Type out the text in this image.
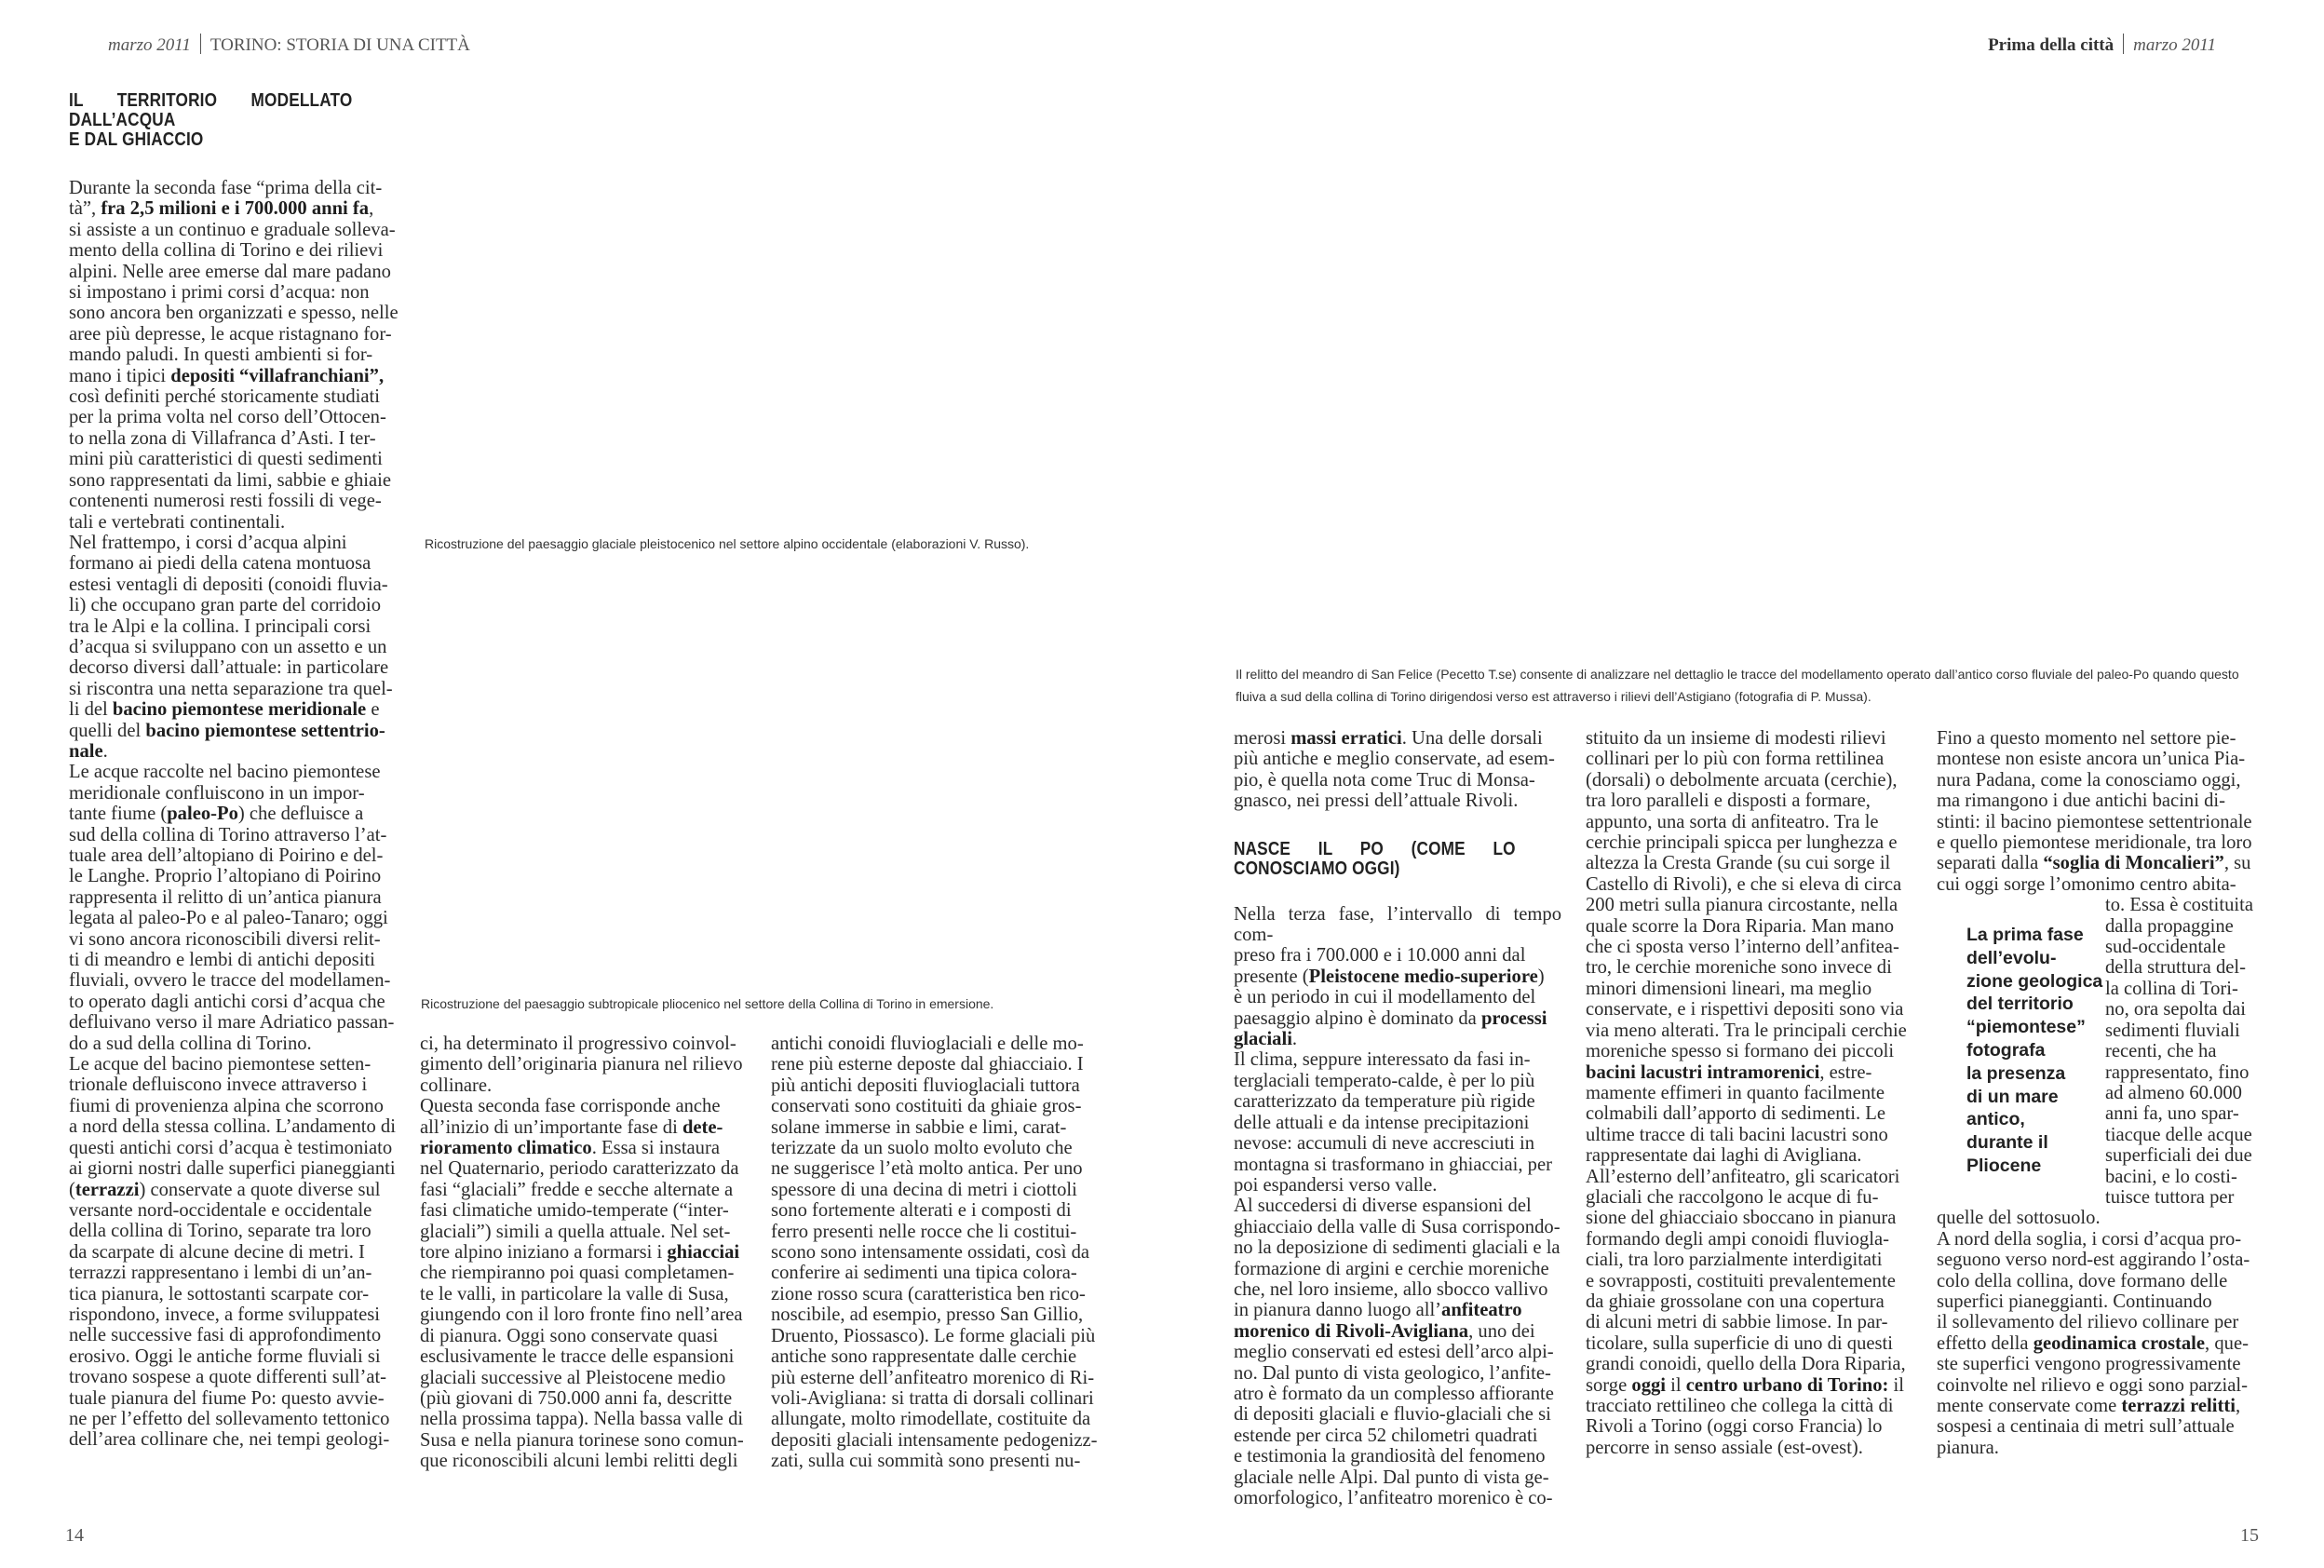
marzo 2011 TORINO: STORIA DI UNA CITTÀ	Prima della città marzo 2011
IL TERRITORIO MODELLATO DALL’ACQUA
E DAL GHIACCIO

Durante la seconda fase “prima della cit-
tà”, fra 2,5 milioni e i 700.000 anni fa,
si assiste a un continuo e graduale solleva-
mento della collina di Torino e dei rilievi
alpini. Nelle aree emerse dal mare padano
si impostano i primi corsi d’acqua: non
sono ancora ben organizzati e spesso, nelle
aree più depresse, le acque ristagnano for-
mando paludi. In questi ambienti si for-
mano i tipici depositi “villafranchiani”,
così definiti perché storicamente studiati
per la prima volta nel corso dell’Ottocen-
to nella zona di Villafranca d’Asti. I ter-
mini più caratteristici di questi sedimenti
sono rappresentati da limi, sabbie e ghiaie
contenenti numerosi resti fossili di vege-
tali e vertebrati continentali.

Nel frattempo, i corsi d’acqua alpini
formano ai piedi della catena montuosa
estesi ventagli di depositi (conoidi fluvia-
li) che occupano gran parte del corridoio
tra le Alpi e la collina. I principali corsi
d’acqua si sviluppano con un assetto e un
decorso diversi dall’attuale: in particolare
si riscontra una netta separazione tra quel-
li del bacino piemontese meridionale e
quelli del bacino piemontese settentrio-
nale.

Le acque raccolte nel bacino piemontese
meridionale confluiscono in un impor-
tante fiume (paleo-Po) che defluisce a
sud della collina di Torino attraverso l’at-
tuale area dell’altopiano di Poirino e del-
le Langhe. Proprio l’altopiano di Poirino
rappresenta il relitto di un’antica pianura
legata al paleo-Po e al paleo-Tanaro; oggi
vi sono ancora riconoscibili diversi relit-
ti di meandro e lembi di antichi depositi
fluviali, ovvero le tracce del modellamen-
to operato dagli antichi corsi d’acqua che
defluivano verso il mare Adriatico passan-
do a sud della collina di Torino.

Le acque del bacino piemontese setten-
trionale defluiscono invece attraverso i
fiumi di provenienza alpina che scorrono
a nord della stessa collina. L’andamento di
questi antichi corsi d’acqua è testimoniato
ai giorni nostri dalle superfici pianeggianti
(terrazzi) conservate a quote diverse sul
versante nord-occidentale e occidentale
della collina di Torino, separate tra loro
da scarpate di alcune decine di metri. I
terrazzi rappresentano i lembi di un’an-
tica pianura, le sottostanti scarpate cor-
rispondono, invece, a forme sviluppatesi
nelle successive fasi di approfondimento
erosivo. Oggi le antiche forme fluviali si
trovano sospese a quote differenti sull’at-
tuale pianura del fiume Po: questo avvie-
ne per l’effetto del sollevamento tettonico
dell’area collinare che, nei tempi geologi-

Ricostruzione del paesaggio glaciale pleistocenico nel settore alpino occidentale (elaborazioni V. Russo).
Ricostruzione del paesaggio subtropicale pliocenico nel settore della Collina di Torino in emersione.
Il relitto del meandro di San Felice (Pecetto T.se) consente di analizzare nel dettaglio le tracce del modellamento operato dall’antico corso fluviale del paleo-Po quando questo
fluiva a sud della collina di Torino dirigendosi verso est attraverso i rilievi dell’Astigiano (fotografia di P. Mussa).

ci, ha determinato il progressivo coinvol-
gimento dell’originaria pianura nel rilievo
collinare.

Questa seconda fase corrisponde anche
all’inizio di un’importante fase di dete-
rioramento climatico. Essa si instaura
nel Quaternario, periodo caratterizzato da
fasi “glaciali” fredde e secche alternate a
fasi climatiche umido-temperate (“inter-
glaciali”) simili a quella attuale. Nel set-
tore alpino iniziano a formarsi i ghiacciai
che riempiranno poi quasi completamen-
te le valli, in particolare la valle di Susa,
giungendo con il loro fronte fino nell’area
di pianura. Oggi sono conservate quasi
esclusivamente le tracce delle espansioni
glaciali successive al Pleistocene medio
(più giovani di 750.000 anni fa, descritte
nella prossima tappa). Nella bassa valle di
Susa e nella pianura torinese sono comun-
que riconoscibili alcuni lembi relitti degli

antichi conoidi fluvioglaciali e delle mo-
rene più esterne deposte dal ghiacciaio. I
più antichi depositi fluvioglaciali tuttora
conservati sono costituiti da ghiaie gros-
solane immerse in sabbie e limi, carat-
terizzate da un suolo molto evoluto che
ne suggerisce l’età molto antica. Per uno
spessore di una decina di metri i ciottoli
sono fortemente alterati e i composti di
ferro presenti nelle rocce che li costitui-
scono sono intensamente ossidati, così da
conferire ai sedimenti una tipica colora-
zione rosso scura (caratteristica ben rico-
noscibile, ad esempio, presso San Gillio,
Druento, Piossasco). Le forme glaciali più
antiche sono rappresentate dalle cerchie
più esterne dell’anfiteatro morenico di Ri-
voli-Avigliana: si tratta di dorsali collinari
allungate, molto rimodellate, costituite da
depositi glaciali intensamente pedogenizz-
zati, sulla cui sommità sono presenti nu-

merosi massi erratici. Una delle dorsali
più antiche e meglio conservate, ad esem-
pio, è quella nota come Truc di Monsa-
gnasco, nei pressi dell’attuale Rivoli.

NASCE IL PO (COME LO CONOSCIAMO OGGI)

Nella terza fase, l’intervallo di tempo com-
preso fra i 700.000 e i 10.000 anni dal
presente (Pleistocene medio-superiore)
è un periodo in cui il modellamento del
paesaggio alpino è dominato da processi
glaciali.

Il clima, seppure interessato da fasi in-
terglaciali temperato-calde, è per lo più
caratterizzato da temperature più rigide
delle attuali e da intense precipitazioni
nevose: accumuli di neve accresciuti in
montagna si trasformano in ghiacciai, per
poi espandersi verso valle.

Al succedersi di diverse espansioni del
ghiacciaio della valle di Susa corrispondo-
no la deposizione di sedimenti glaciali e la
formazione di argini e cerchie moreniche
che, nel loro insieme, allo sbocco vallivo
in pianura danno luogo all’anfiteatro
morenico di Rivoli-Avigliana, uno dei
meglio conservati ed estesi dell’arco alpi-
no. Dal punto di vista geologico, l’anfite-
atro è formato da un complesso affiorante
di depositi glaciali e fluvio-glaciali che si
estende per circa 52 chilometri quadrati
e testimonia la grandiosità del fenomeno
glaciale nelle Alpi. Dal punto di vista ge-
omorfologico, l’anfiteatro morenico è co-

stituito da un insieme di modesti rilievi
collinari per lo più con forma rettilinea
(dorsali) o debolmente arcuata (cerchie),
tra loro paralleli e disposti a formare,
appunto, una sorta di anfiteatro. Tra le
cerchie principali spicca per lunghezza e
altezza la Cresta Grande (su cui sorge il
Castello di Rivoli), e che si eleva di circa
200 metri sulla pianura circostante, nella
quale scorre la Dora Riparia. Man mano
che ci sposta verso l’interno dell’anfitea-
tro, le cerchie moreniche sono invece di
minori dimensioni lineari, ma meglio
conservate, e i rispettivi depositi sono via
via meno alterati. Tra le principali cerchie
moreniche spesso si formano dei piccoli
bacini lacustri intramorenici, estre-
mamente effimeri in quanto facilmente
colmabili dall’apporto di sedimenti. Le
ultime tracce di tali bacini lacustri sono
rappresentate dai laghi di Avigliana.

All’esterno dell’anfiteatro, gli scaricatori
glaciali che raccolgono le acque di fu-
sione del ghiacciaio sboccano in pianura
formando degli ampi conoidi fluviogla-
ciali, tra loro parzialmente interdigitati
e sovrapposti, costituiti prevalentemente
da ghiaie grossolane con una copertura
di alcuni metri di sabbie limose. In par-
ticolare, sulla superficie di uno di questi
grandi conoidi, quello della Dora Riparia,
sorge oggi il centro urbano di Torino: il
tracciato rettilineo che collega la città di
Rivoli a Torino (oggi corso Francia) lo
percorre in senso assiale (est-ovest).

Fino a questo momento nel settore pie-
montese non esiste ancora un’unica Pia-
nura Padana, come la conosciamo oggi,
ma rimangono i due antichi bacini di-
stinti: il bacino piemontese settentrionale
e quello piemontese meridionale, tra loro
separati dalla “soglia di Moncalieri”, su
cui oggi sorge l’omonimo centro abita-

to. Essa è costituita
dalla propaggine
sud-occidentale
della struttura del-
la collina di Tori-
no, ora sepolta dai
sedimenti fluviali
recenti, che ha
rappresentato, fino
ad almeno 60.000
anni fa, uno spar-
tiacque delle acque
superficiali dei due
bacini, e lo costi-
tuisce tuttora per

quelle del sottosuolo.

A nord della soglia, i corsi d’acqua pro-
seguono verso nord-est aggirando l’osta-
colo della collina, dove formano delle
superfici pianeggianti. Continuando
il sollevamento del rilievo collinare per
effetto della geodinamica crostale, que-
ste superfici vengono progressivamente
coinvolte nel rilievo e oggi sono parzial-
mente conservate come terrazzi relitti,
sospesi a centinaia di metri sull’attuale
pianura.

La prima fase
dell’evolu-
zione geologica
del territorio
“piemontese”
fotografa
la presenza
di un mare
antico,
durante il
Pliocene
14	15
